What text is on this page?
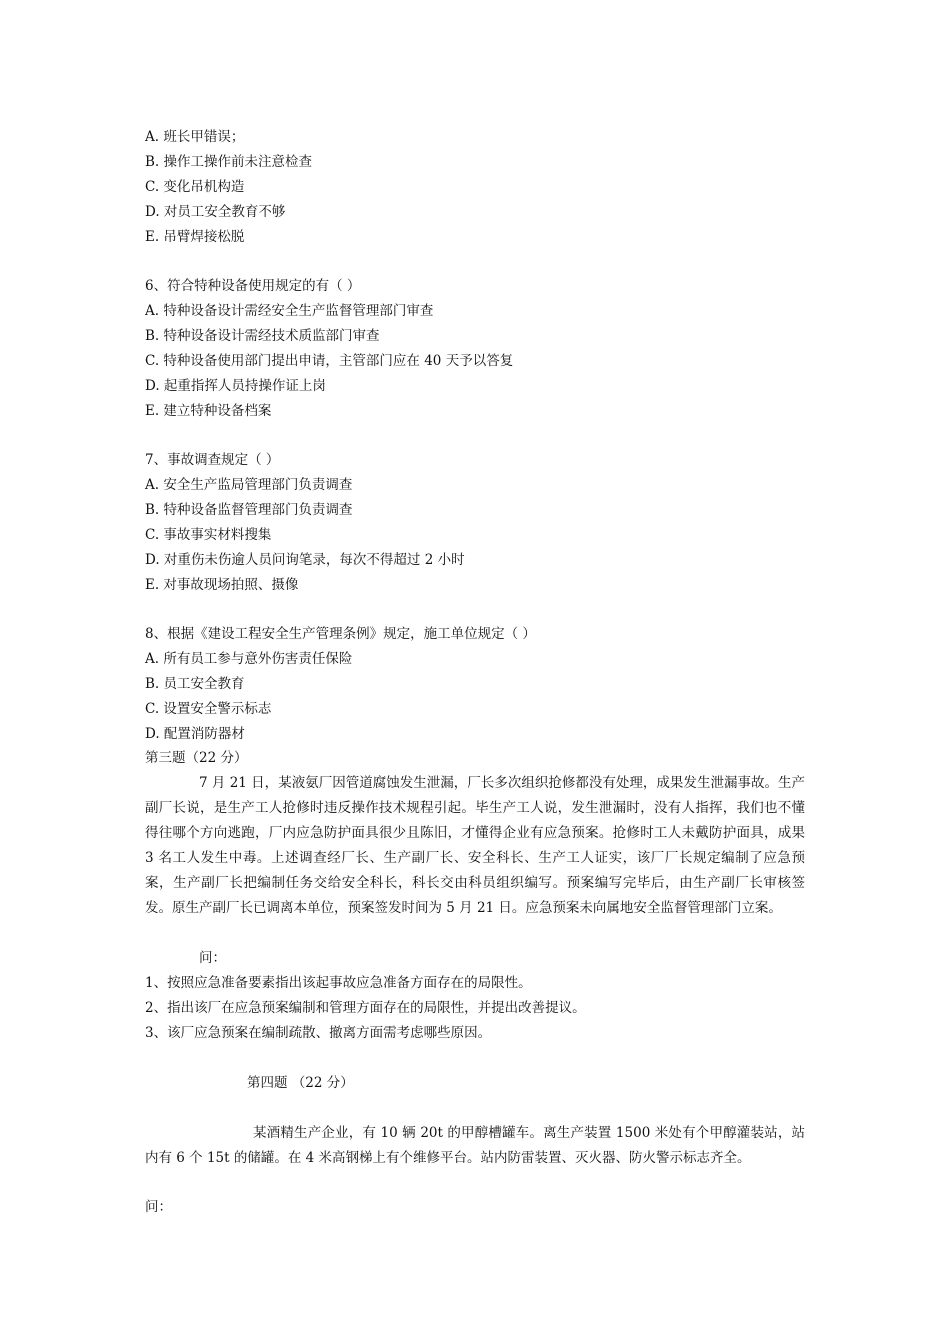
A. 班长甲错误；
B. 操作工操作前未注意检查
C. 变化吊机构造
D. 对员工安全教育不够
E. 吊臂焊接松脱
6、符合特种设备使用规定的有（ ）
A. 特种设备设计需经安全生产监督管理部门审查
B. 特种设备设计需经技术质监部门审查
C. 特种设备使用部门提出申请，主管部门应在 40 天予以答复
D. 起重指挥人员持操作证上岗
E. 建立特种设备档案
7、事故调查规定（ ）
A. 安全生产监局管理部门负责调查
B. 特种设备监督管理部门负责调查
C. 事故事实材料搜集
D. 对重伤未伤逾人员问询笔录，每次不得超过 2 小时
E. 对事故现场拍照、摄像
8、根据《建设工程安全生产管理条例》规定，施工单位规定（ ）
A. 所有员工参与意外伤害责任保险
B. 员工安全教育
C. 设置安全警示标志
D. 配置消防器材
第三题（22 分）
7 月 21 日，某液氨厂因管道腐蚀发生泄漏，厂长多次组织抢修都没有处理，成果发生泄漏事故。生产副厂长说，是生产工人抢修时违反操作技术规程引起。毕生产工人说，发生泄漏时，没有人指挥，我们也不懂得往哪个方向逃跑，厂内应急防护面具很少且陈旧，才懂得企业有应急预案。抢修时工人未戴防护面具，成果 3 名工人发生中毒。上述调查经厂长、生产副厂长、安全科长、生产工人证实，该厂厂长规定编制了应急预案，生产副厂长把编制任务交给安全科长，科长交由科员组织编写。预案编写完毕后，由生产副厂长审核签发。原生产副厂长已调离本单位，预案签发时间为 5 月 21 日。应急预案未向属地安全监督管理部门立案。
问：
1、按照应急准备要素指出该起事故应急准备方面存在的局限性。
2、指出该厂在应急预案编制和管理方面存在的局限性，并提出改善提议。
3、该厂应急预案在编制疏散、撤离方面需考虑哪些原因。
第四题 （22 分）
某酒精生产企业，有 10 辆 20t 的甲醇槽罐车。离生产装置 1500 米处有个甲醇灌装站，站内有 6 个 15t 的储罐。在 4 米高钢梯上有个维修平台。站内防雷装置、灭火器、防火警示标志齐全。
问：
